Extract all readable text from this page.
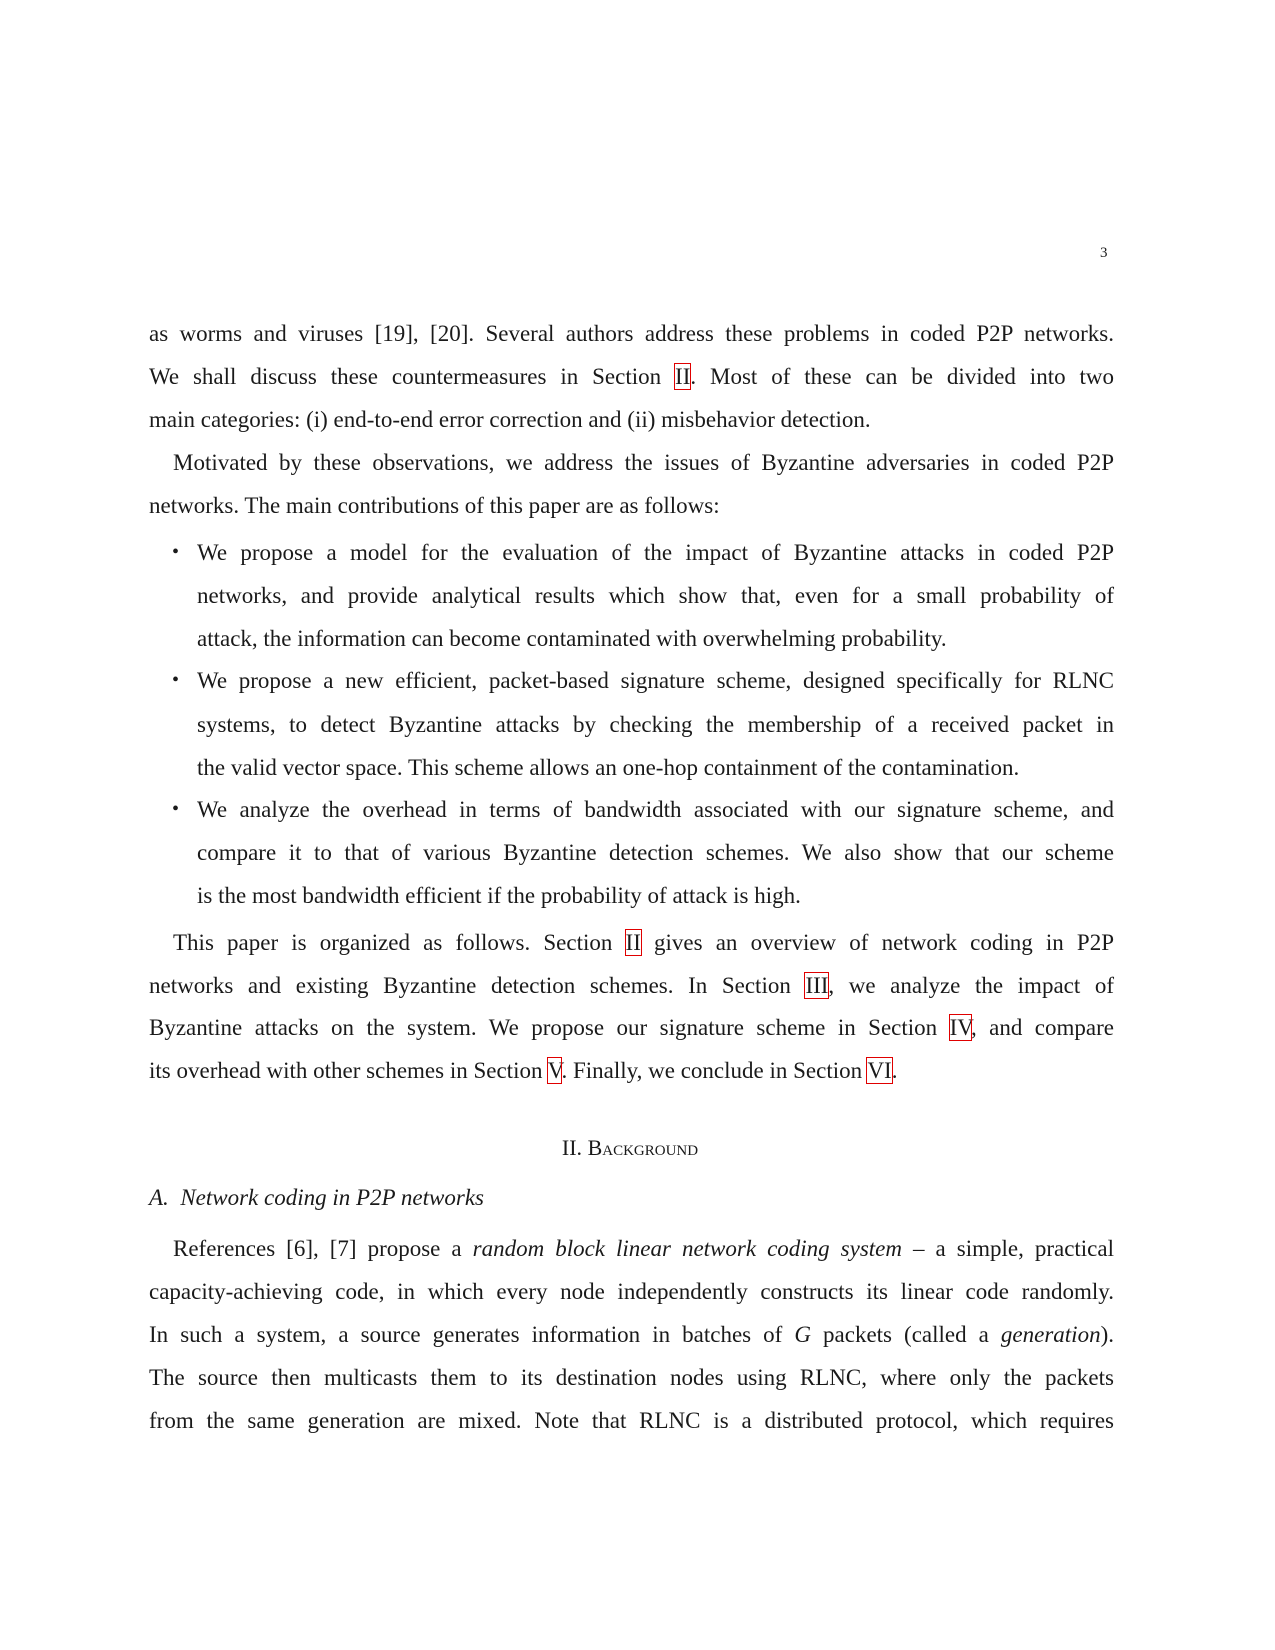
3
as worms and viruses [19], [20]. Several authors address these problems in coded P2P networks.
We shall discuss these countermeasures in Section II. Most of these can be divided into two
main categories: (i) end-to-end error correction and (ii) misbehavior detection.
Motivated by these observations, we address the issues of Byzantine adversaries in coded P2P
networks. The main contributions of this paper are as follows:
• We propose a model for the evaluation of the impact of Byzantine attacks in coded P2P
networks, and provide analytical results which show that, even for a small probability of
attack, the information can become contaminated with overwhelming probability.
• We propose a new efficient, packet-based signature scheme, designed specifically for RLNC
systems, to detect Byzantine attacks by checking the membership of a received packet in
the valid vector space. This scheme allows an one-hop containment of the contamination.
• We analyze the overhead in terms of bandwidth associated with our signature scheme, and
compare it to that of various Byzantine detection schemes. We also show that our scheme
is the most bandwidth efficient if the probability of attack is high.
This paper is organized as follows. Section II gives an overview of network coding in P2P
networks and existing Byzantine detection schemes. In Section III, we analyze the impact of
Byzantine attacks on the system. We propose our signature scheme in Section IV, and compare
its overhead with other schemes in Section V. Finally, we conclude in Section VI.
References [6], [7] propose a random block linear network coding system – a simple, practical
capacity-achieving code, in which every node independently constructs its linear code randomly.
In such a system, a source generates information in batches of G packets (called a generation).
The source then multicasts them to its destination nodes using RLNC, where only the packets
from the same generation are mixed. Note that RLNC is a distributed protocol, which requires
II. Background
A. Network coding in P2P networks
